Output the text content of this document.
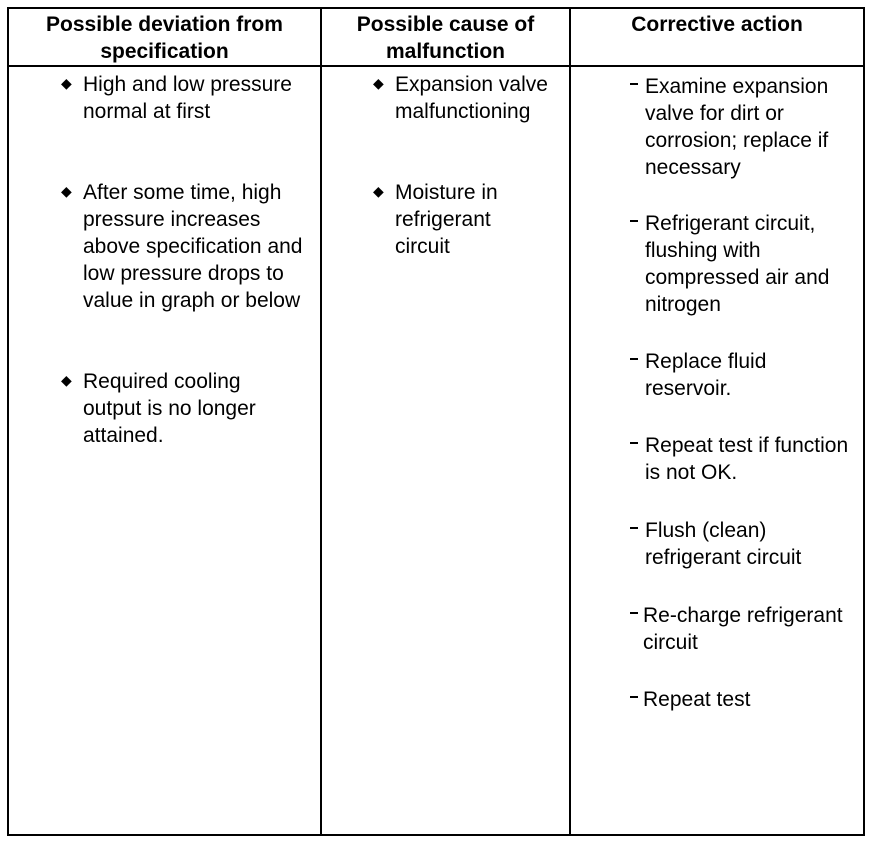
Possible deviation from specification
Possible cause of malfunction
Corrective action
◆ High and low pressure normal at first
◆ After some time, high pressure increases above specification and low pressure drops to value in graph or below
◆ Required cooling output is no longer attained.
◆ Expansion valve malfunctioning
◆ Moisture in refrigerant circuit
Examine expansion valve for dirt or corrosion; replace if necessary
Refrigerant circuit, flushing with compressed air and nitrogen
Replace fluid reservoir.
Repeat test if function is not OK.
Flush (clean) refrigerant circuit
Re-charge refrigerant circuit
Repeat test
